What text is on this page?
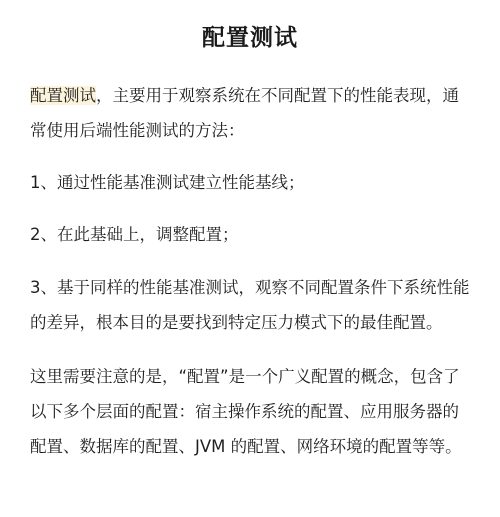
配置测试

配置测试，主要用于观察系统在不同配置下的性能表现，通常使用后端性能测试的方法：

1、通过性能基准测试建立性能基线；

2、在此基础上，调整配置；

3、基于同样的性能基准测试，观察不同配置条件下系统性能的差异，根本目的是要找到特定压力模式下的最佳配置。

这里需要注意的是，“配置”是一个广义配置的概念，包含了以下多个层面的配置：宿主操作系统的配置、应用服务器的配置、数据库的配置、JVM 的配置、网络环境的配置等等。
